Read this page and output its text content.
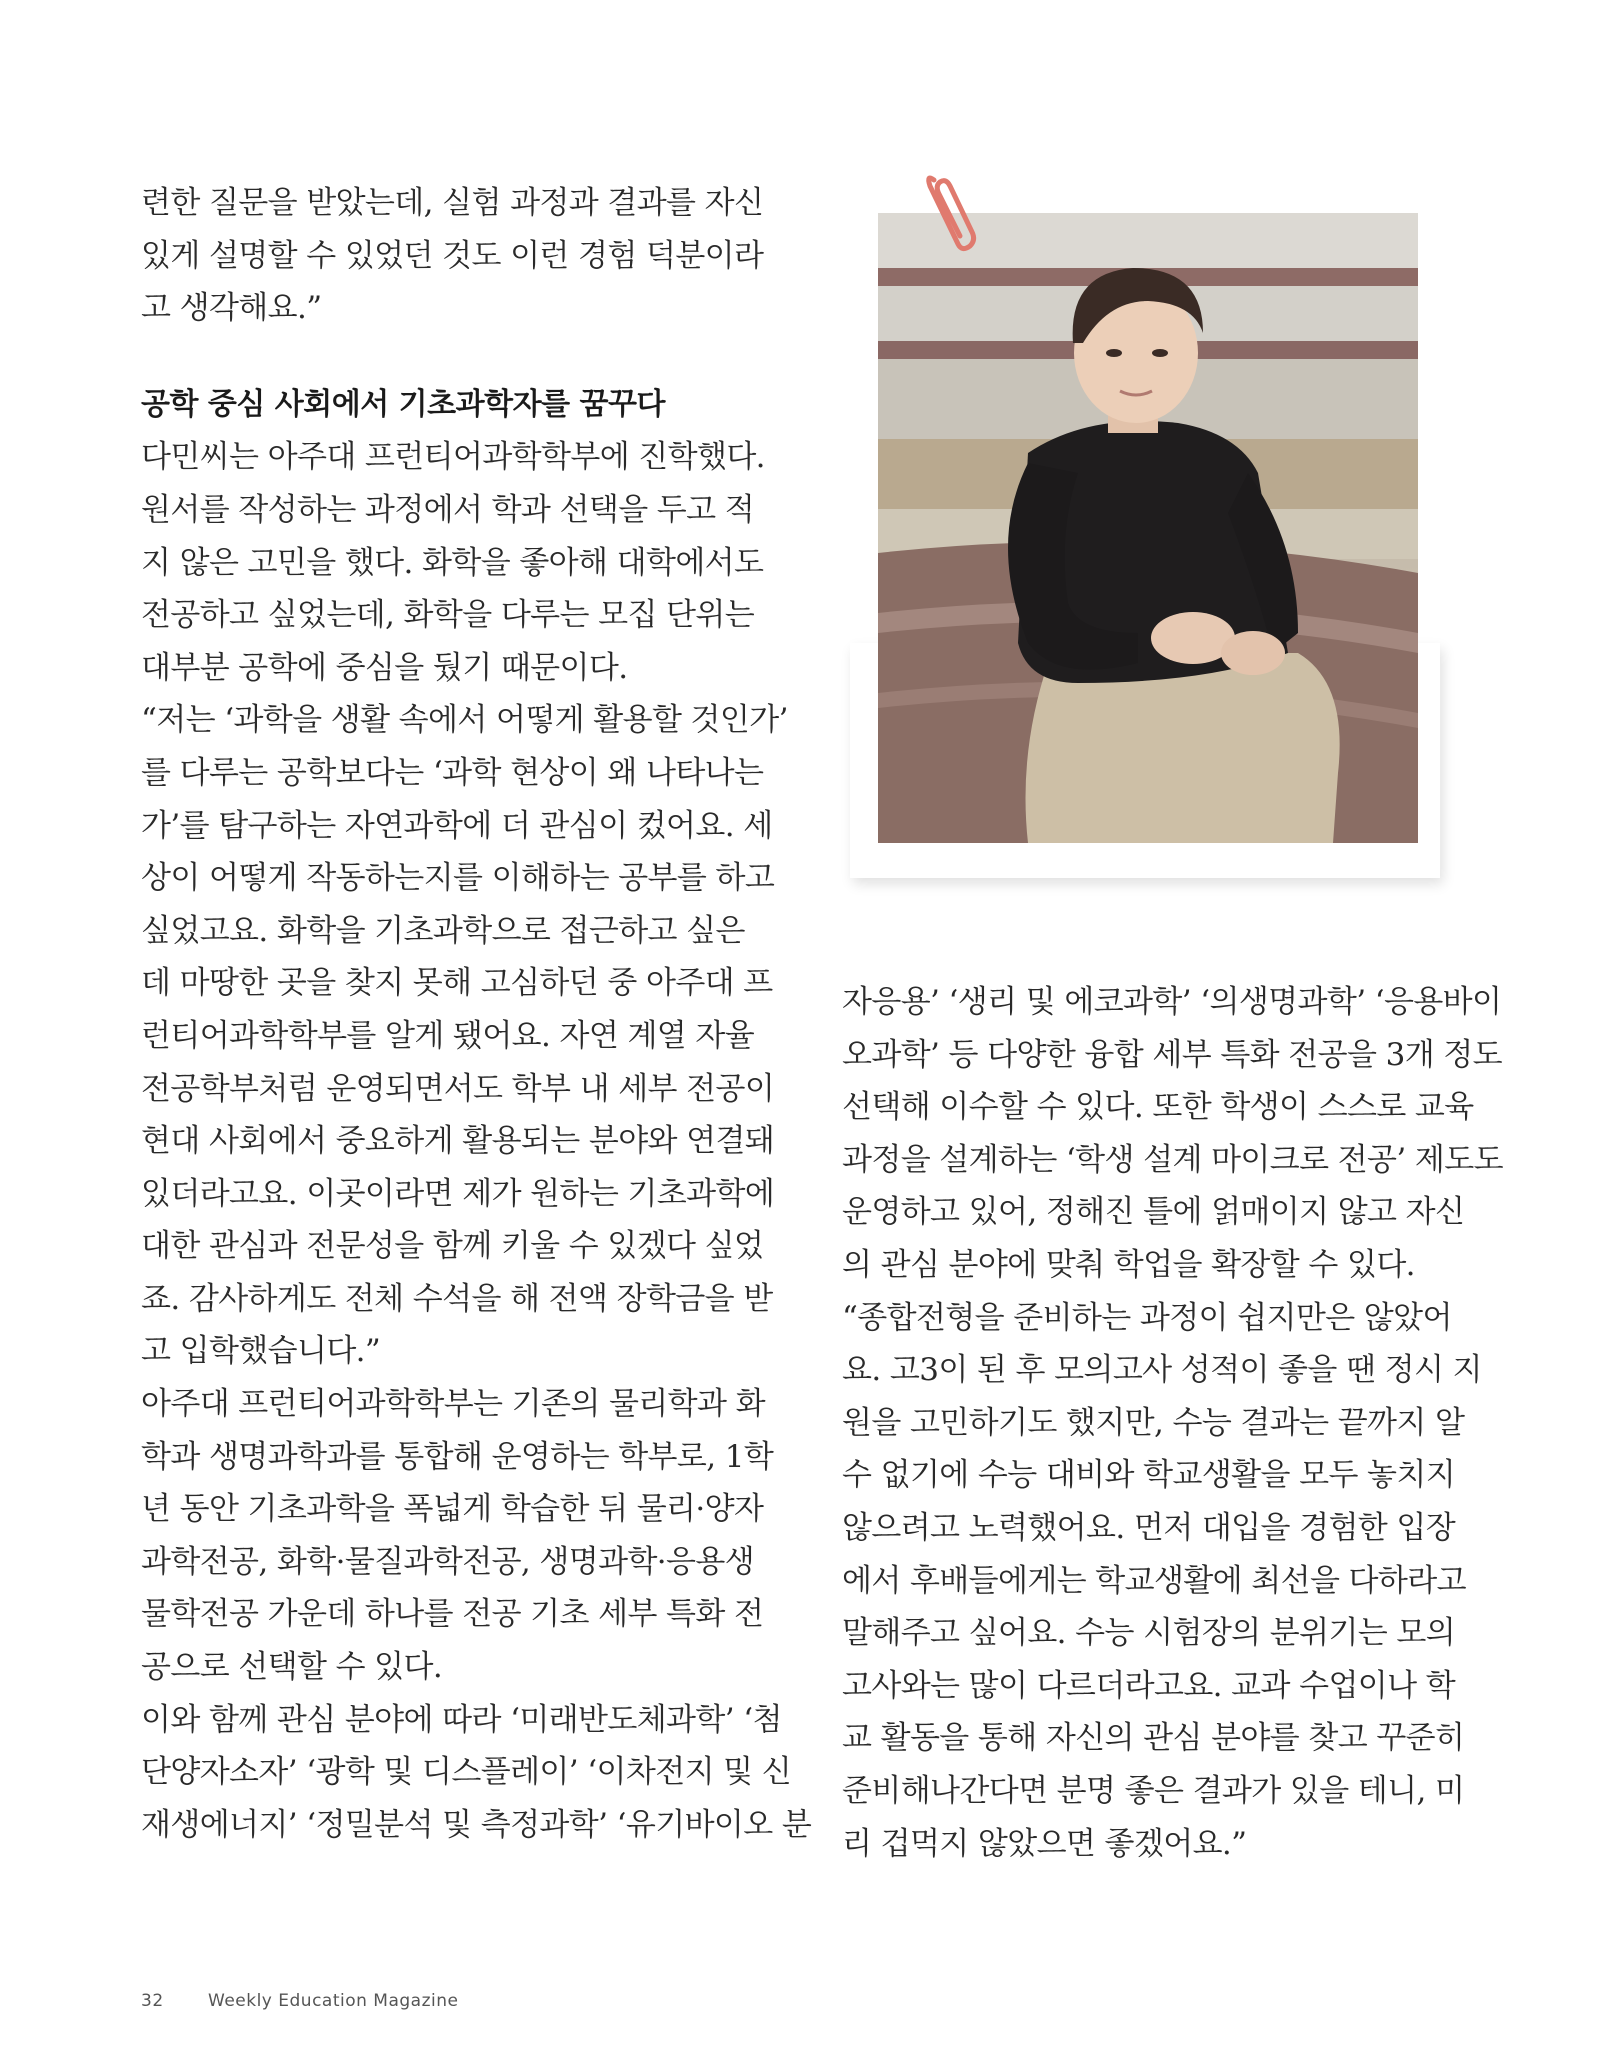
련한 질문을 받았는데, 실험 과정과 결과를 자신
있게 설명할 수 있었던 것도 이런 경험 덕분이라
고 생각해요.”
공학 중심 사회에서 기초과학자를 꿈꾸다
다민씨는 아주대 프런티어과학학부에 진학했다.
원서를 작성하는 과정에서 학과 선택을 두고 적
지 않은 고민을 했다. 화학을 좋아해 대학에서도
전공하고 싶었는데, 화학을 다루는 모집 단위는
대부분 공학에 중심을 뒀기 때문이다.
“저는 ‘과학을 생활 속에서 어떻게 활용할 것인가’
를 다루는 공학보다는 ‘과학 현상이 왜 나타나는
가’를 탐구하는 자연과학에 더 관심이 컸어요. 세
상이 어떻게 작동하는지를 이해하는 공부를 하고
싶었고요. 화학을 기초과학으로 접근하고 싶은
데 마땅한 곳을 찾지 못해 고심하던 중 아주대 프
런티어과학학부를 알게 됐어요. 자연 계열 자율
전공학부처럼 운영되면서도 학부 내 세부 전공이
현대 사회에서 중요하게 활용되는 분야와 연결돼
있더라고요. 이곳이라면 제가 원하는 기초과학에
대한 관심과 전문성을 함께 키울 수 있겠다 싶었
죠. 감사하게도 전체 수석을 해 전액 장학금을 받
고 입학했습니다.”
아주대 프런티어과학학부는 기존의 물리학과 화
학과 생명과학과를 통합해 운영하는 학부로, 1학
년 동안 기초과학을 폭넓게 학습한 뒤 물리·양자
과학전공, 화학·물질과학전공, 생명과학·응용생
물학전공 가운데 하나를 전공 기초 세부 특화 전
공으로 선택할 수 있다.
이와 함께 관심 분야에 따라 ‘미래반도체과학’ ‘첨
단양자소자’ ‘광학 및 디스플레이’ ‘이차전지 및 신
재생에너지’ ‘정밀분석 및 측정과학’ ‘유기바이오 분
자응용’ ‘생리 및 에코과학’ ‘의생명과학’ ‘응용바이
오과학’ 등 다양한 융합 세부 특화 전공을 3개 정도
선택해 이수할 수 있다. 또한 학생이 스스로 교육
과정을 설계하는 ‘학생 설계 마이크로 전공’ 제도도
운영하고 있어, 정해진 틀에 얽매이지 않고 자신
의 관심 분야에 맞춰 학업을 확장할 수 있다.
“종합전형을 준비하는 과정이 쉽지만은 않았어
요. 고3이 된 후 모의고사 성적이 좋을 땐 정시 지
원을 고민하기도 했지만, 수능 결과는 끝까지 알
수 없기에 수능 대비와 학교생활을 모두 놓치지
않으려고 노력했어요. 먼저 대입을 경험한 입장
에서 후배들에게는 학교생활에 최선을 다하라고
말해주고 싶어요. 수능 시험장의 분위기는 모의
고사와는 많이 다르더라고요. 교과 수업이나 학
교 활동을 통해 자신의 관심 분야를 찾고 꾸준히
준비해나간다면 분명 좋은 결과가 있을 테니, 미
리 겁먹지 않았으면 좋겠어요.”
32	Weekly Education Magazine
